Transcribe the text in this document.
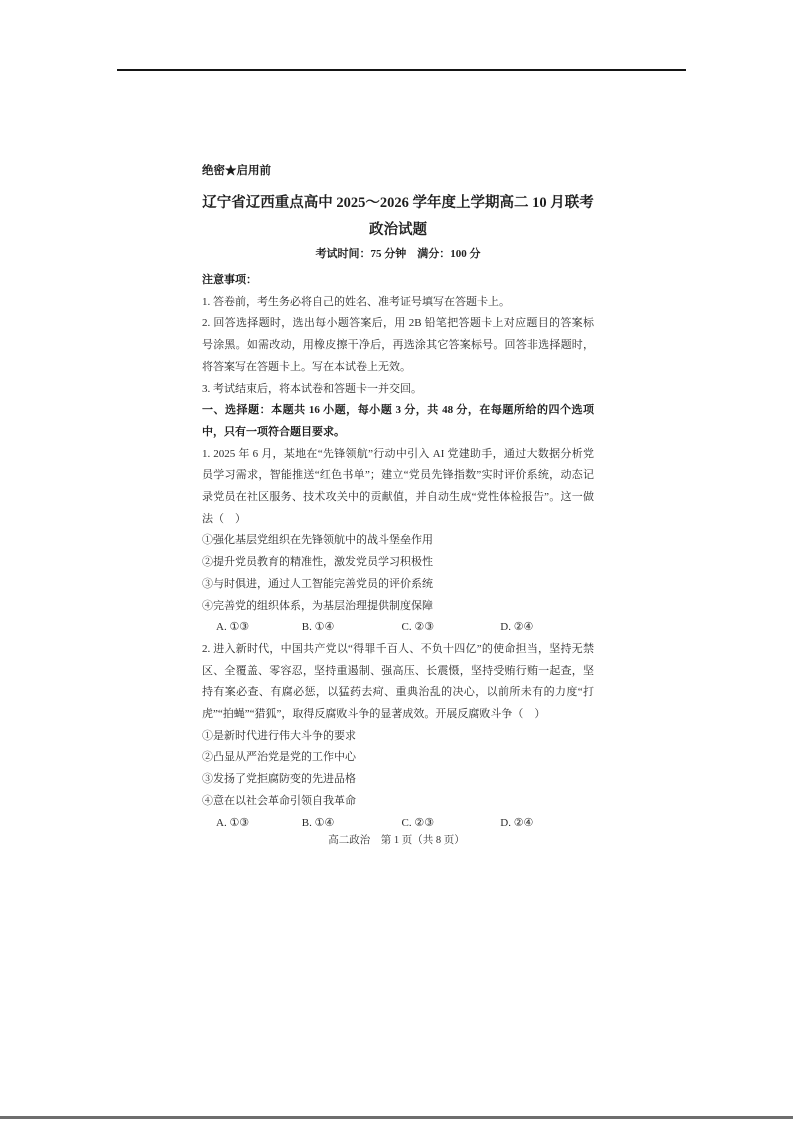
绝密★启用前
辽宁省辽西重点高中 2025～2026 学年度上学期高二 10 月联考
政治试题
考试时间：75 分钟　满分：100 分

注意事项：

1. 答卷前，考生务必将自己的姓名、准考证号填写在答题卡上。

2. 回答选择题时，选出每小题答案后，用 2B 铅笔把答题卡上对应题目的答案标号涂黑。如需改动，用橡皮擦干净后，再选涂其它答案标号。回答非选择题时，将答案写在答题卡上。写在本试卷上无效。

3. 考试结束后，将本试卷和答题卡一并交回。

一、选择题：本题共 16 小题，每小题 3 分，共 48 分，在每题所给的四个选项中，只有一项符合题目要求。

1. 2025 年 6 月，某地在“先锋领航”行动中引入 AI 党建助手，通过大数据分析党员学习需求，智能推送“红色书单”；建立“党员先锋指数”实时评价系统，动态记录党员在社区服务、技术攻关中的贡献值，并自动生成“党性体检报告”。这一做法（　）

①强化基层党组织在先锋领航中的战斗堡垒作用

②提升党员教育的精准性，激发党员学习积极性

③与时俱进，通过人工智能完善党员的评价系统

④完善党的组织体系，为基层治理提供制度保障

A. ①③	B. ①④	C. ②③	D. ②④

2. 进入新时代，中国共产党以“得罪千百人、不负十四亿”的使命担当，坚持无禁区、全覆盖、零容忍，坚持重遏制、强高压、长震慑，坚持受贿行贿一起查，坚持有案必查、有腐必惩，以猛药去疴、重典治乱的决心，以前所未有的力度“打虎”“拍蝇”“猎狐”，取得反腐败斗争的显著成效。开展反腐败斗争（　）

①是新时代进行伟大斗争的要求

②凸显从严治党是党的工作中心

③发扬了党拒腐防变的先进品格

④意在以社会革命引领自我革命

A. ①③	B. ①④	C. ②③	D. ②④

高二政治　第 1 页（共 8 页）
